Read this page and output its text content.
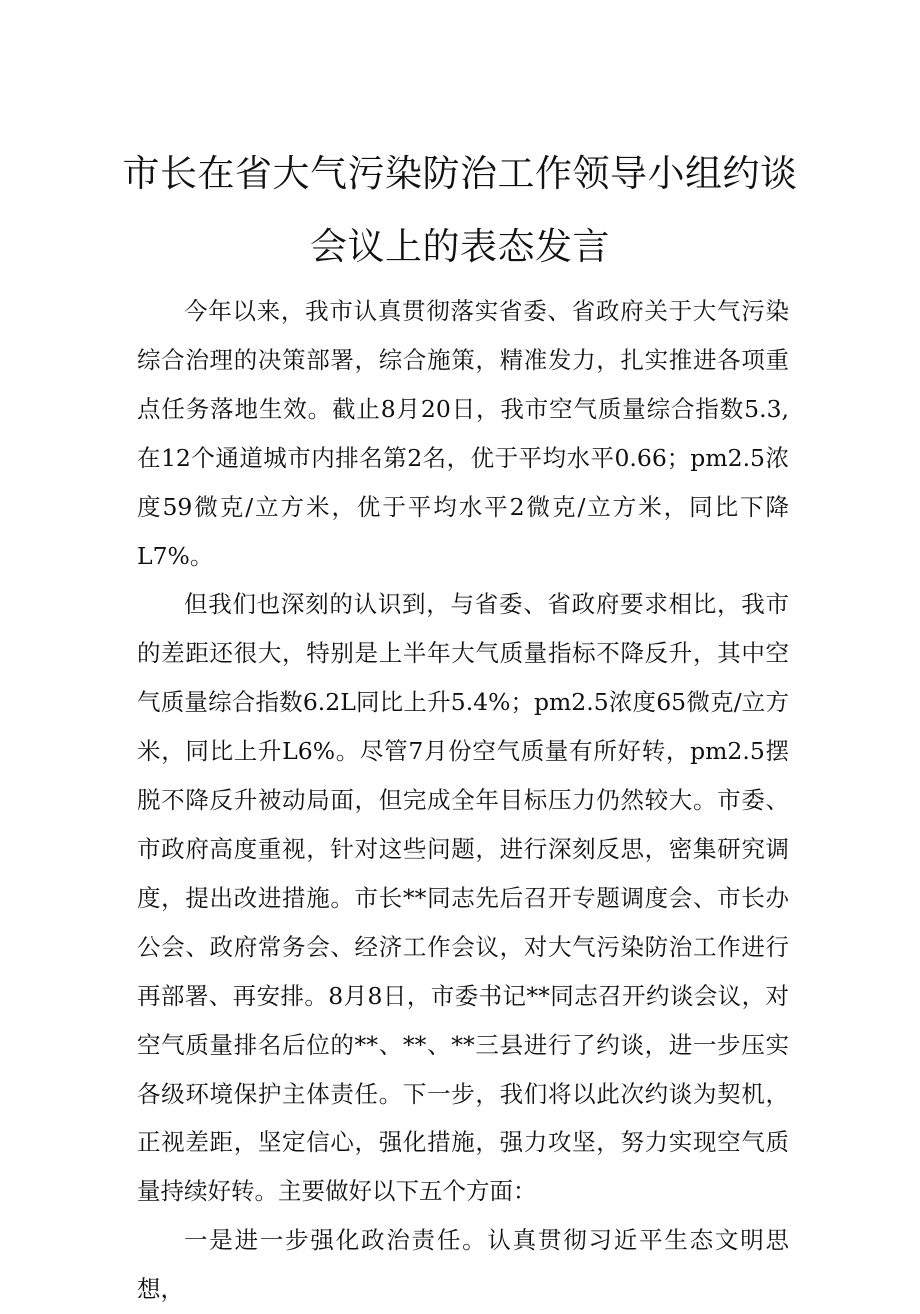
市长在省大气污染防治工作领导小组约谈
会议上的表态发言

今年以来，我市认真贯彻落实省委、省政府关于大气污染综合治理的决策部署，综合施策，精准发力，扎实推进各项重点任务落地生效。截止8月20日，我市空气质量综合指数5.3,在12个通道城市内排名第2名，优于平均水平0.66；pm2.5浓度59微克/立方米，优于平均水平2微克/立方米，同比下降L7%。

但我们也深刻的认识到，与省委、省政府要求相比，我市的差距还很大，特别是上半年大气质量指标不降反升，其中空气质量综合指数6.2L同比上升5.4%；pm2.5浓度65微克/立方米，同比上升L6%。尽管7月份空气质量有所好转，pm2.5摆脱不降反升被动局面，但完成全年目标压力仍然较大。市委、市政府高度重视，针对这些问题，进行深刻反思，密集研究调度，提出改进措施。市长**同志先后召开专题调度会、市长办公会、政府常务会、经济工作会议，对大气污染防治工作进行再部署、再安排。8月8日，市委书记**同志召开约谈会议，对空气质量排名后位的**、**、**三县进行了约谈，进一步压实各级环境保护主体责任。下一步，我们将以此次约谈为契机，正视差距，坚定信心，强化措施，强力攻坚，努力实现空气质量持续好转。主要做好以下五个方面：

一是进一步强化政治责任。认真贯彻习近平生态文明思想，
